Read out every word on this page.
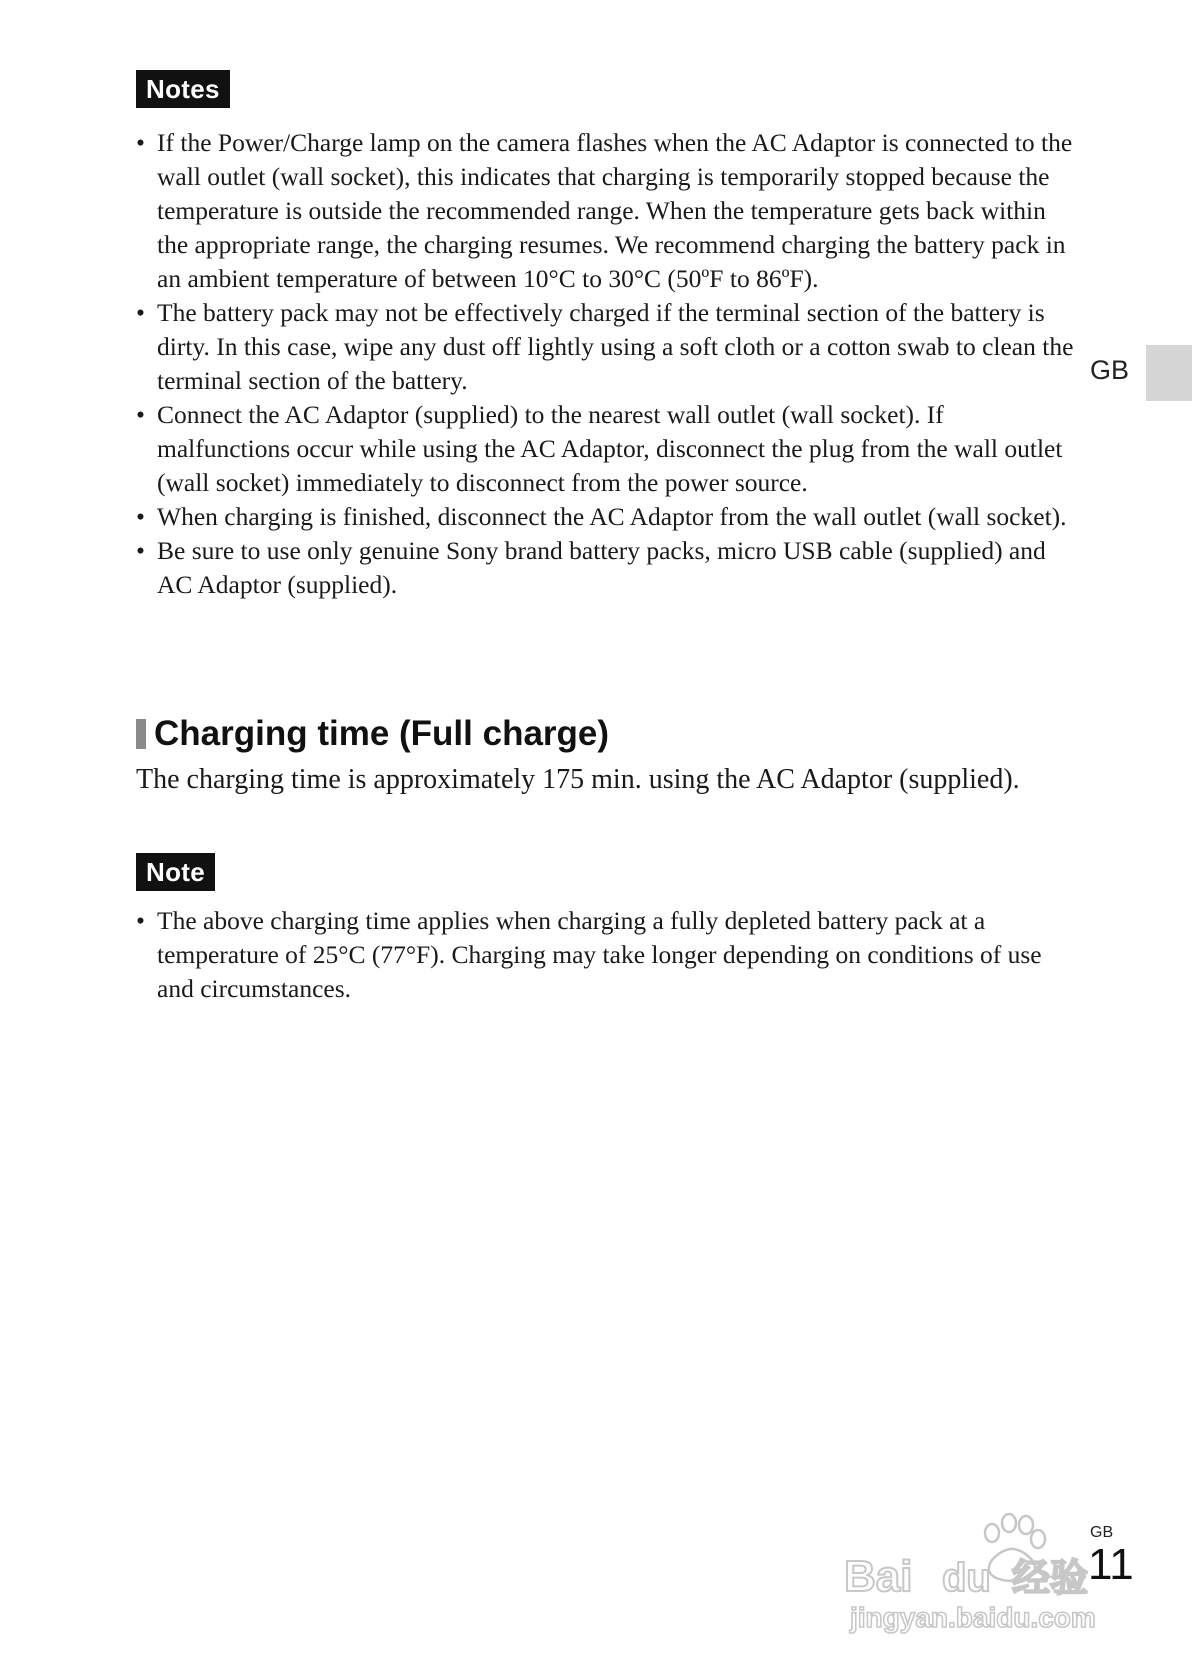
Notes
• If the Power/Charge lamp on the camera flashes when the AC Adaptor is connected to the wall outlet (wall socket), this indicates that charging is temporarily stopped because the temperature is outside the recommended range. When the temperature gets back within the appropriate range, the charging resumes. We recommend charging the battery pack in an ambient temperature of between 10°C to 30°C (50ºF to 86ºF).
• The battery pack may not be effectively charged if the terminal section of the battery is dirty. In this case, wipe any dust off lightly using a soft cloth or a cotton swab to clean the terminal section of the battery.
• Connect the AC Adaptor (supplied) to the nearest wall outlet (wall socket). If malfunctions occur while using the AC Adaptor, disconnect the plug from the wall outlet (wall socket) immediately to disconnect from the power source.
• When charging is finished, disconnect the AC Adaptor from the wall outlet (wall socket).
• Be sure to use only genuine Sony brand battery packs, micro USB cable (supplied) and AC Adaptor (supplied).
Charging time (Full charge)

The charging time is approximately 175 min. using the AC Adaptor (supplied).

Note
• The above charging time applies when charging a fully depleted battery pack at a temperature of 25°C (77°F). Charging may take longer depending on conditions of use and circumstances.
GB
GB
11
Bai du 经验
jingyan.baidu.com
